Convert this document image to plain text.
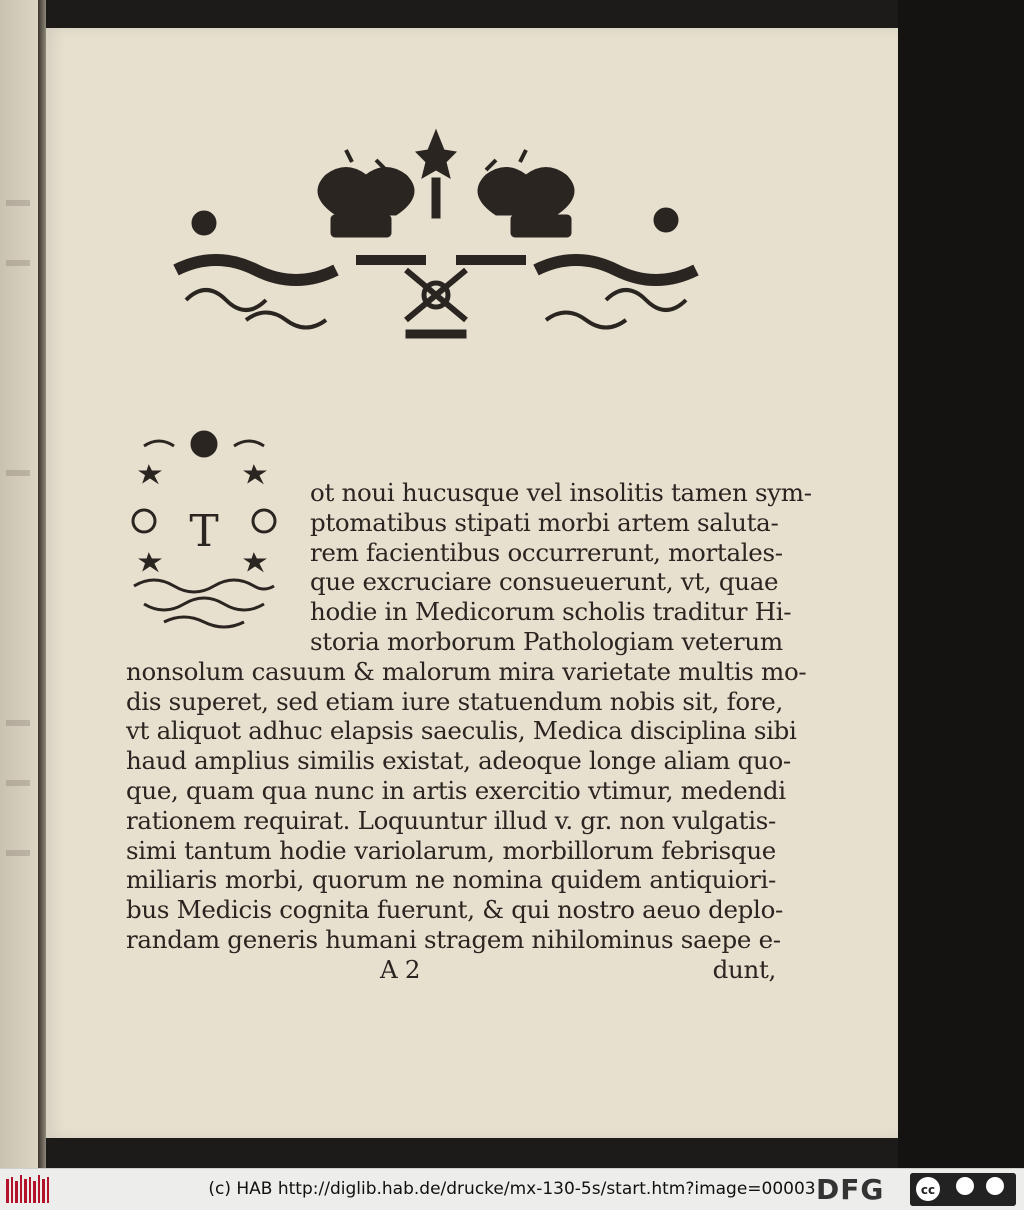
T
ot noui hucusque vel insolitis tamen sym-
ptomatibus stipati morbi artem saluta-
rem facientibus occurrerunt, mortales-
que excruciare consueuerunt, vt, quae
hodie in Medicorum scholis traditur Hi-
storia morborum Pathologiam veterum
nonsolum casuum & malorum mira varietate multis mo-
dis superet, sed etiam iure statuendum nobis sit, fore,
vt aliquot adhuc elapsis saeculis, Medica disciplina sibi
haud amplius similis existat, adeoque longe aliam quo-
que, quam qua nunc in artis exercitio vtimur, medendi
rationem requirat. Loquuntur illud v. gr. non vulgatis-
simi tantum hodie variolarum, morbillorum febrisque
miliaris morbi, quorum ne nomina quidem antiquiori-
bus Medicis cognita fuerunt, & qui nostro aeuo deplo-
randam generis humani stragem nihilominus saepe e-
A 2	dunt,
(c) HAB http://diglib.hab.de/drucke/mx-130-5s/start.htm?image=00003 DFG	cc
